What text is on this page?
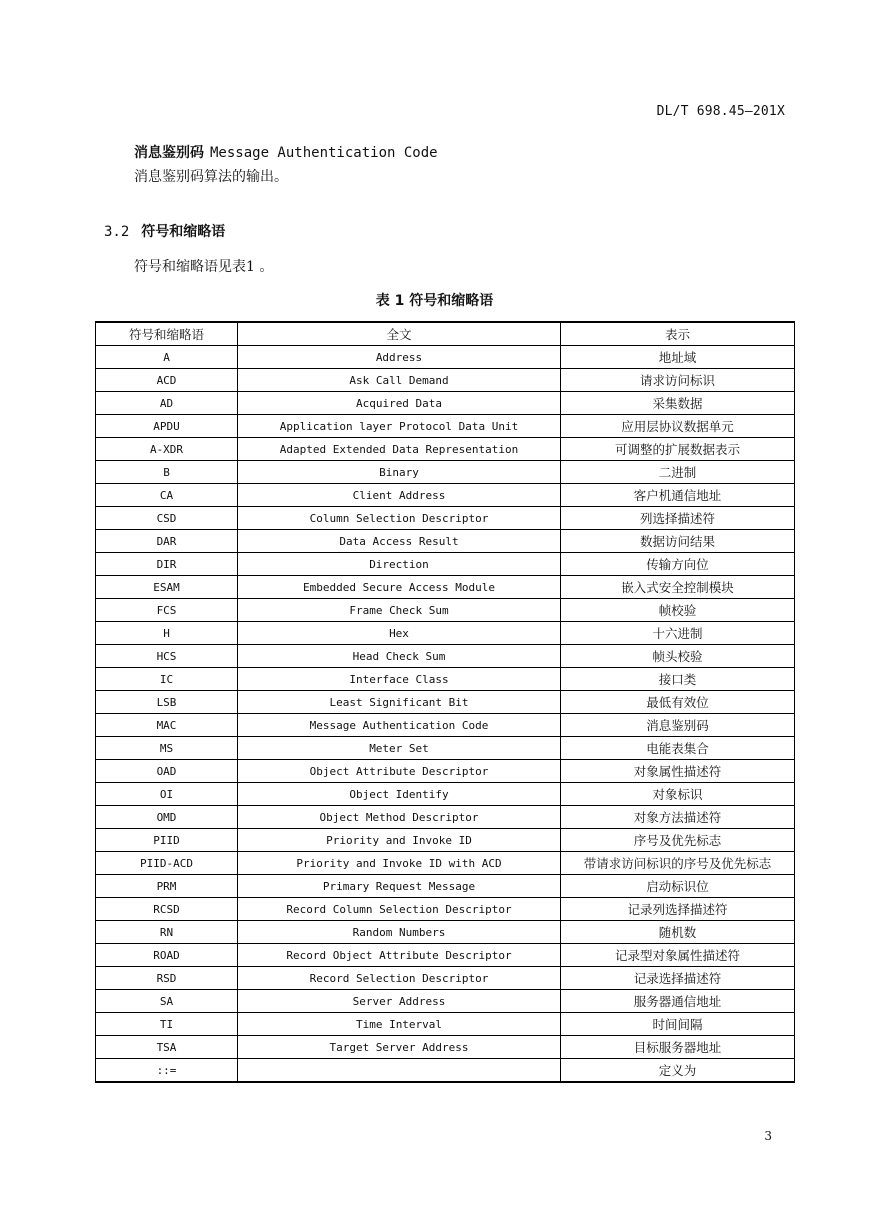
DL/T 698.45—201X
消息鉴别码 Message Authentication Code
消息鉴别码算法的输出。
3.2 符号和缩略语
符号和缩略语见表1 。
表 1 符号和缩略语
符号和缩略语	全文	表示
A	Address	地址域
ACD	Ask Call Demand	请求访问标识
AD	Acquired Data	采集数据
APDU	Application layer Protocol Data Unit	应用层协议数据单元
A-XDR	Adapted Extended Data Representation	可调整的扩展数据表示
B	Binary	二进制
CA	Client Address	客户机通信地址
CSD	Column Selection Descriptor	列选择描述符
DAR	Data Access Result	数据访问结果
DIR	Direction	传输方向位
ESAM	Embedded Secure Access Module	嵌入式安全控制模块
FCS	Frame Check Sum	帧校验
H	Hex	十六进制
HCS	Head Check Sum	帧头校验
IC	Interface Class	接口类
LSB	Least Significant Bit	最低有效位
MAC	Message Authentication Code	消息鉴别码
MS	Meter Set	电能表集合
OAD	Object Attribute Descriptor	对象属性描述符
OI	Object Identify	对象标识
OMD	Object Method Descriptor	对象方法描述符
PIID	Priority and Invoke ID	序号及优先标志
PIID-ACD	Priority and Invoke ID with ACD	带请求访问标识的序号及优先标志
PRM	Primary Request Message	启动标识位
RCSD	Record Column Selection Descriptor	记录列选择描述符
RN	Random Numbers	随机数
ROAD	Record Object Attribute Descriptor	记录型对象属性描述符
RSD	Record Selection Descriptor	记录选择描述符
SA	Server Address	服务器通信地址
TI	Time Interval	时间间隔
TSA	Target Server Address	目标服务器地址
::=		定义为
3
